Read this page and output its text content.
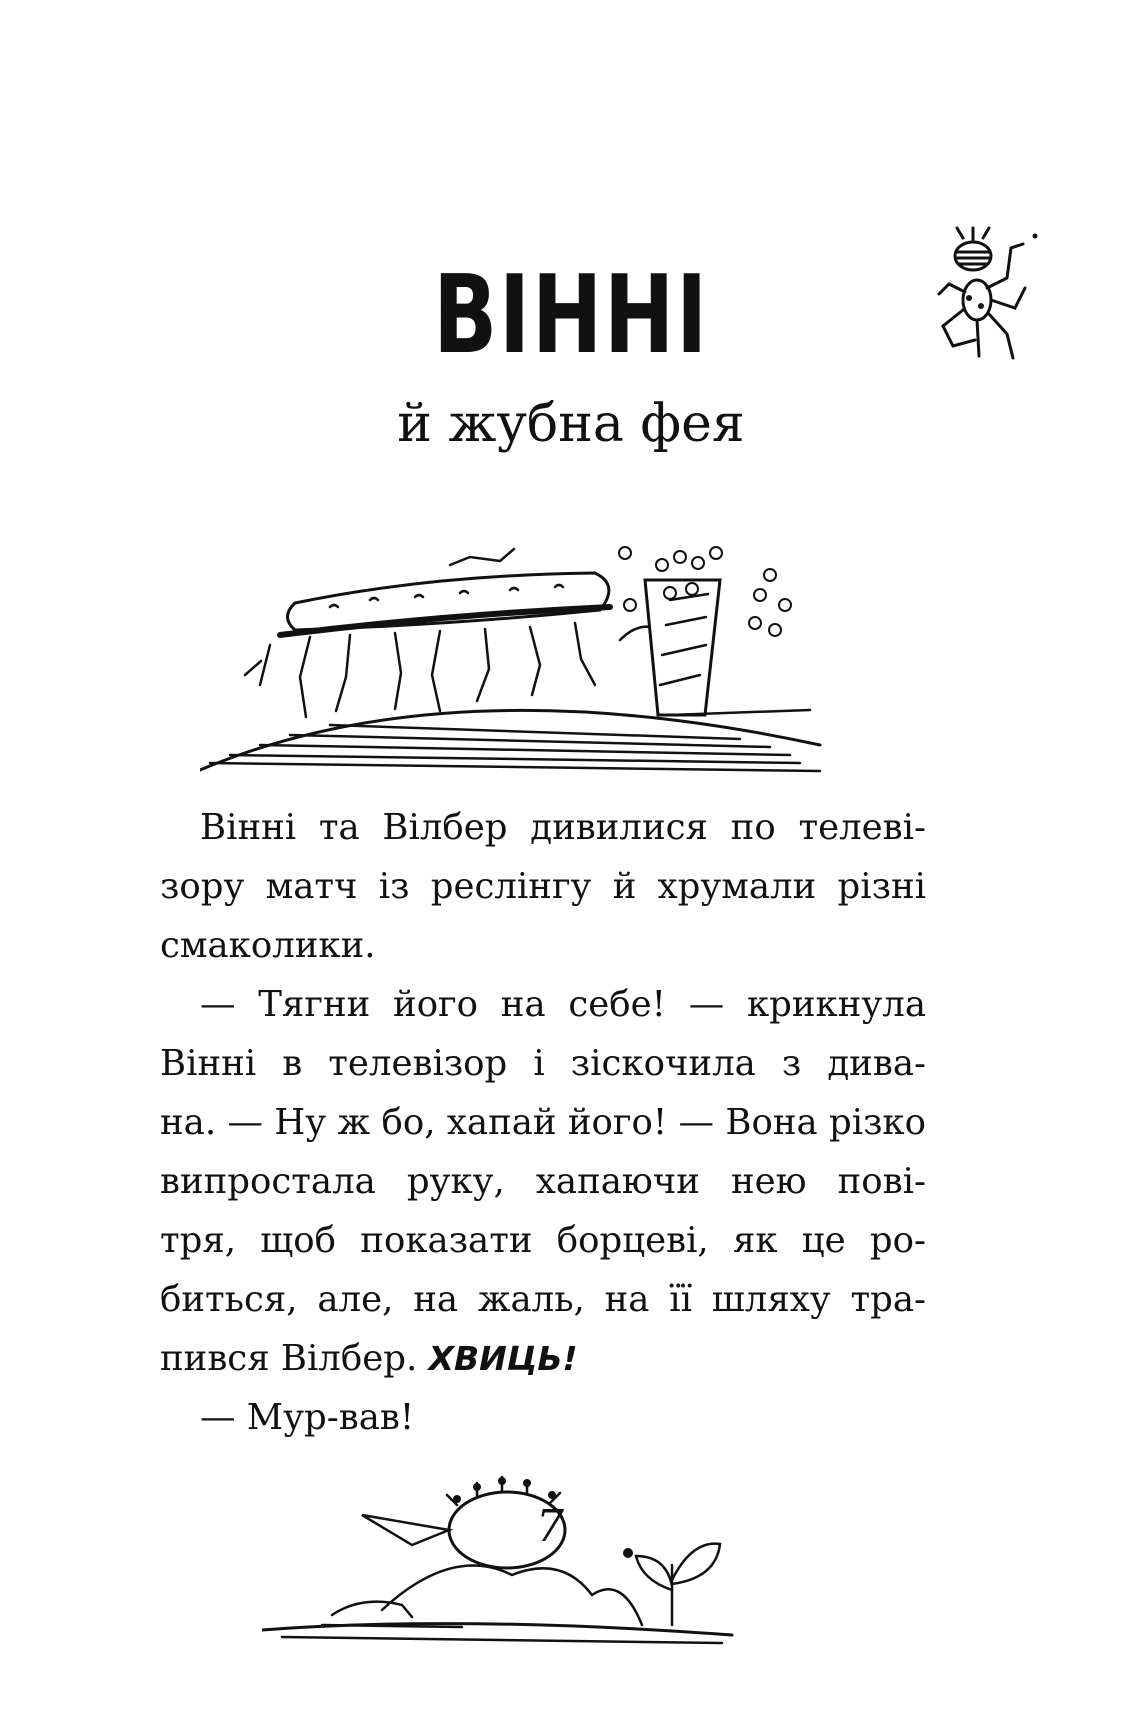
ВІННІ
й жубна фея
Вінні та Вілбер дивилися по телеві-
зору матч із реслінгу й хрумали різні
смаколики.
— Тягни його на себе! — крикнула
Вінні в телевізор і зіскочила з дива-
на. — Ну ж бо, хапай його! — Вона різко
випростала руку, хапаючи нею пові-
тря, щоб показати борцеві, як це ро-
биться, але, на жаль, на її шляху тра-
пився Вілбер. ХВИЦЬ!
— Мур-вав!
7
